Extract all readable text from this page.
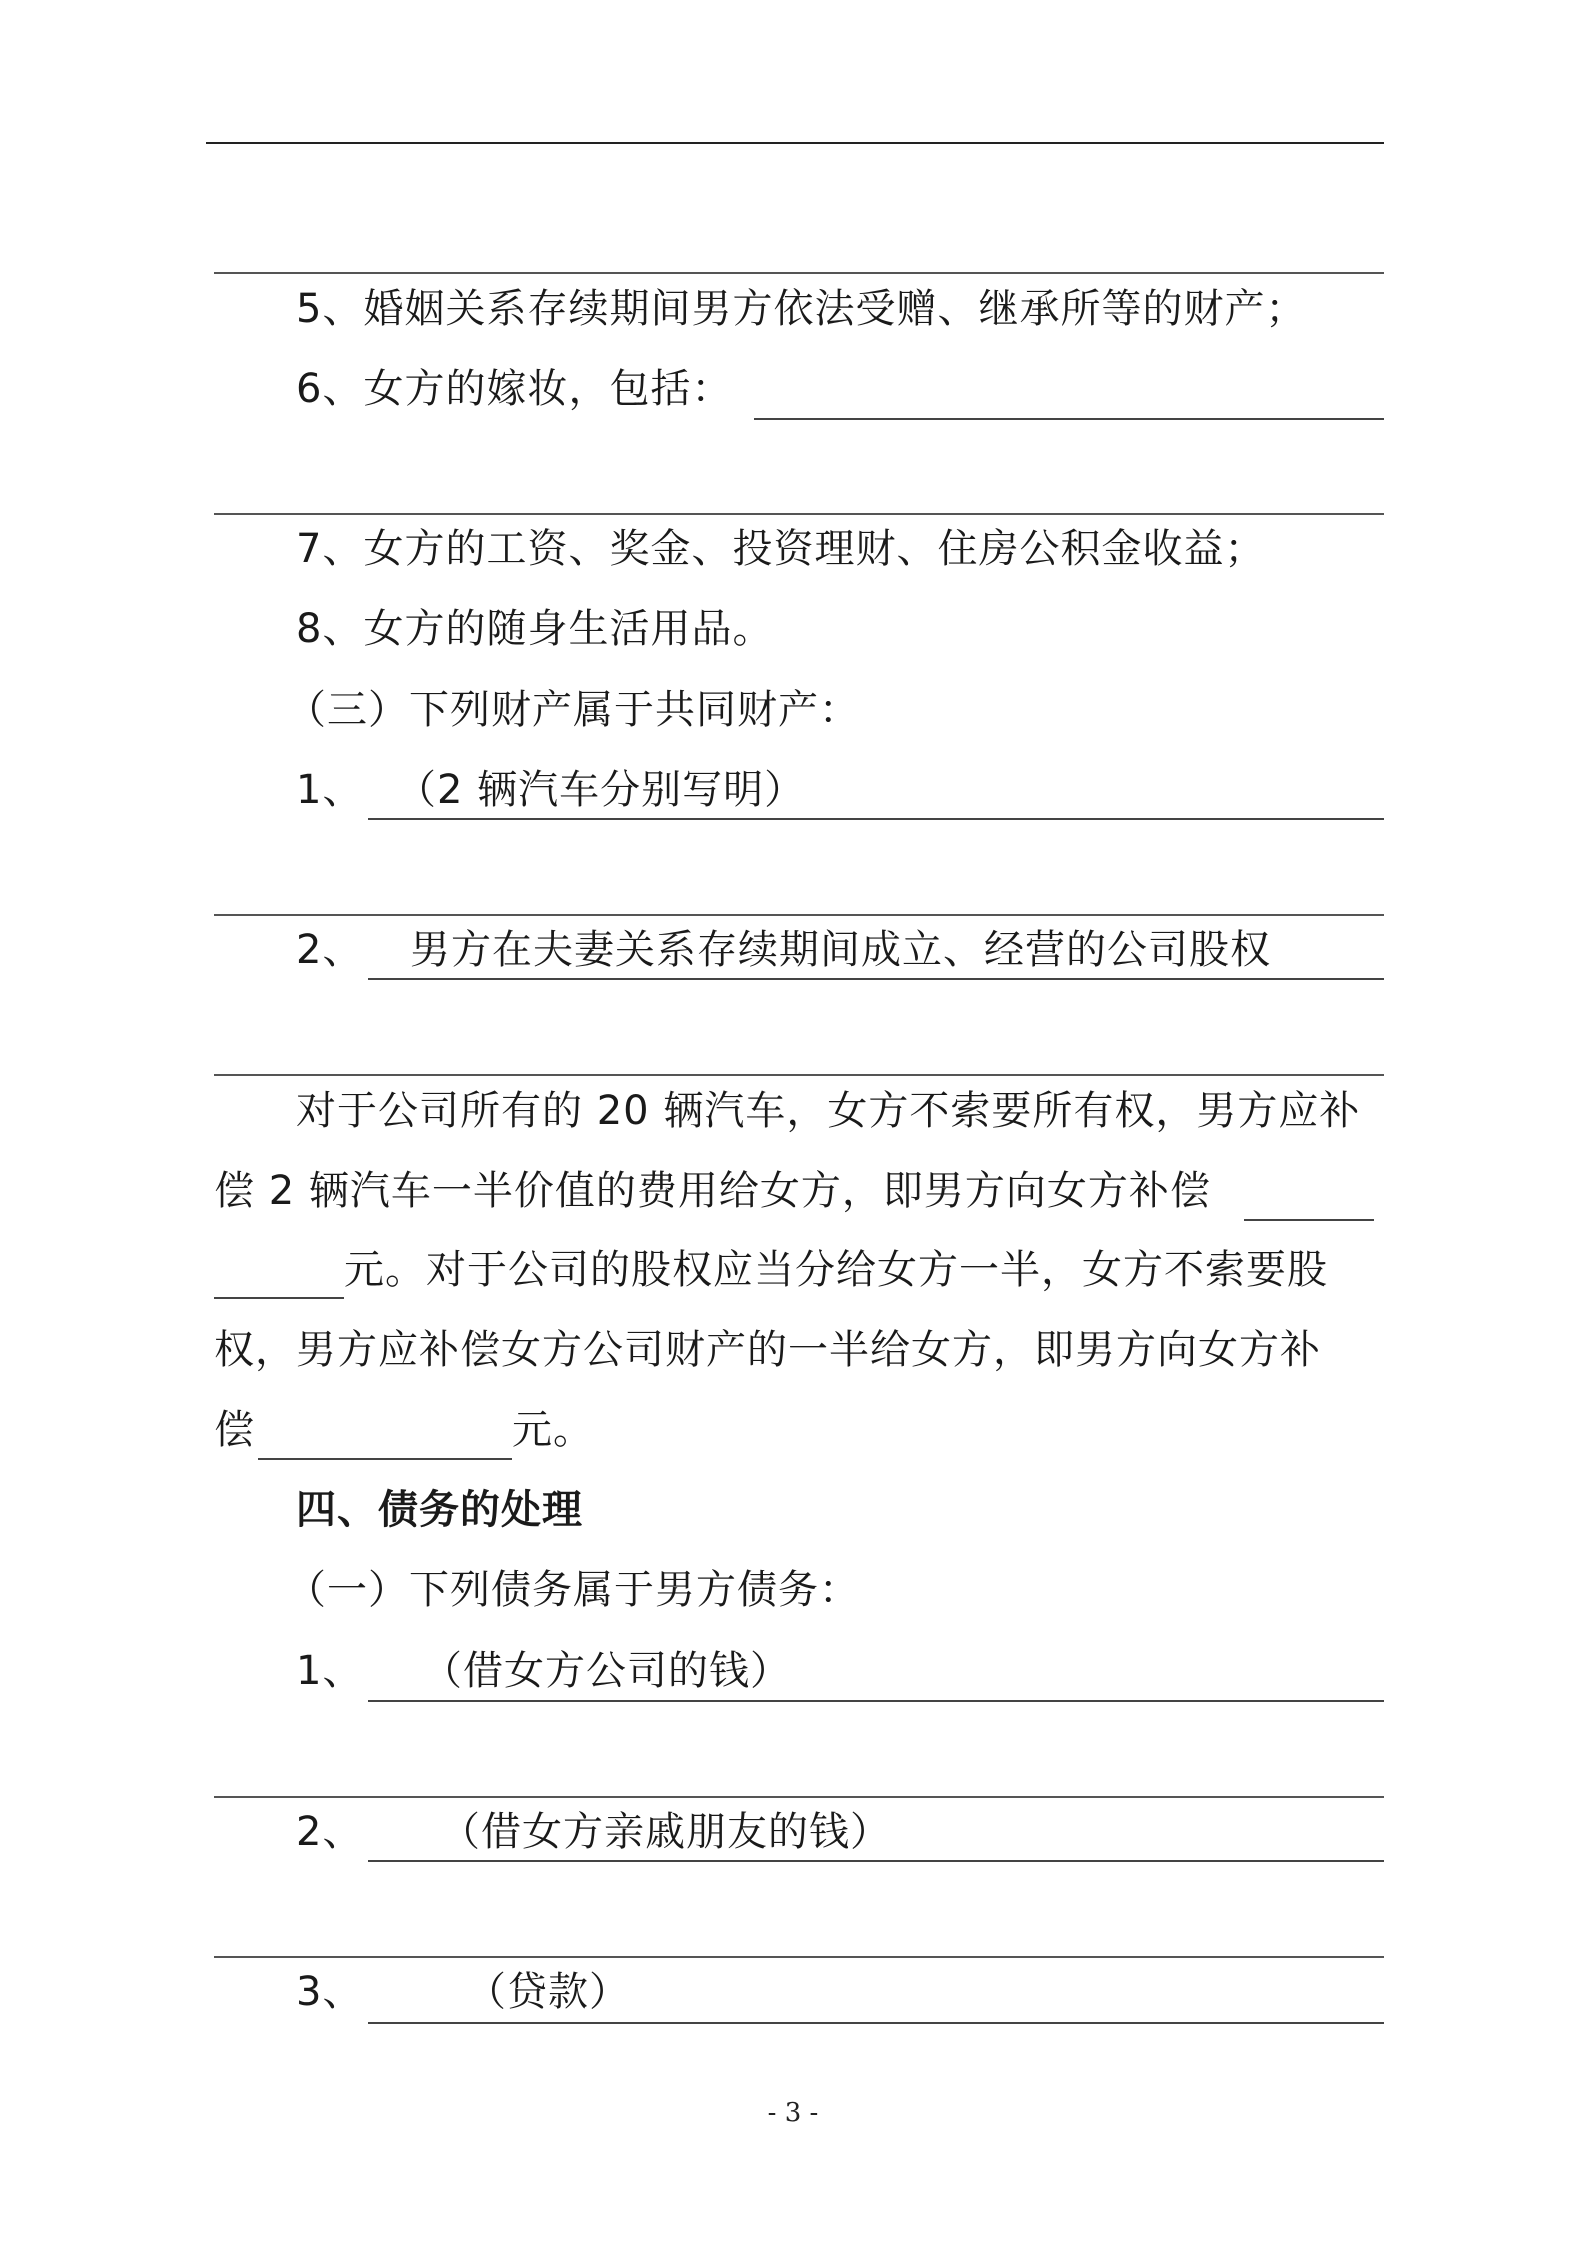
5、婚姻关系存续期间男方依法受赠、继承所等的财产；
6、女方的嫁妆，包括：
7、女方的工资、奖金、投资理财、住房公积金收益；
8、女方的随身生活用品。
（三）下列财产属于共同财产：
1、 （2 辆汽车分别写明）
2、 男方在夫妻关系存续期间成立、经营的公司股权
对于公司所有的 20 辆汽车，女方不索要所有权，男方应补
偿 2 辆汽车一半价值的费用给女方，即男方向女方补偿
元。对于公司的股权应当分给女方一半，女方不索要股
权，男方应补偿女方公司财产的一半给女方，即男方向女方补
偿	元。
四、债务的处理
（一）下列债务属于男方债务：
1、 （借女方公司的钱）
2、 （借女方亲戚朋友的钱）
3、	（贷款）
- 3 -
